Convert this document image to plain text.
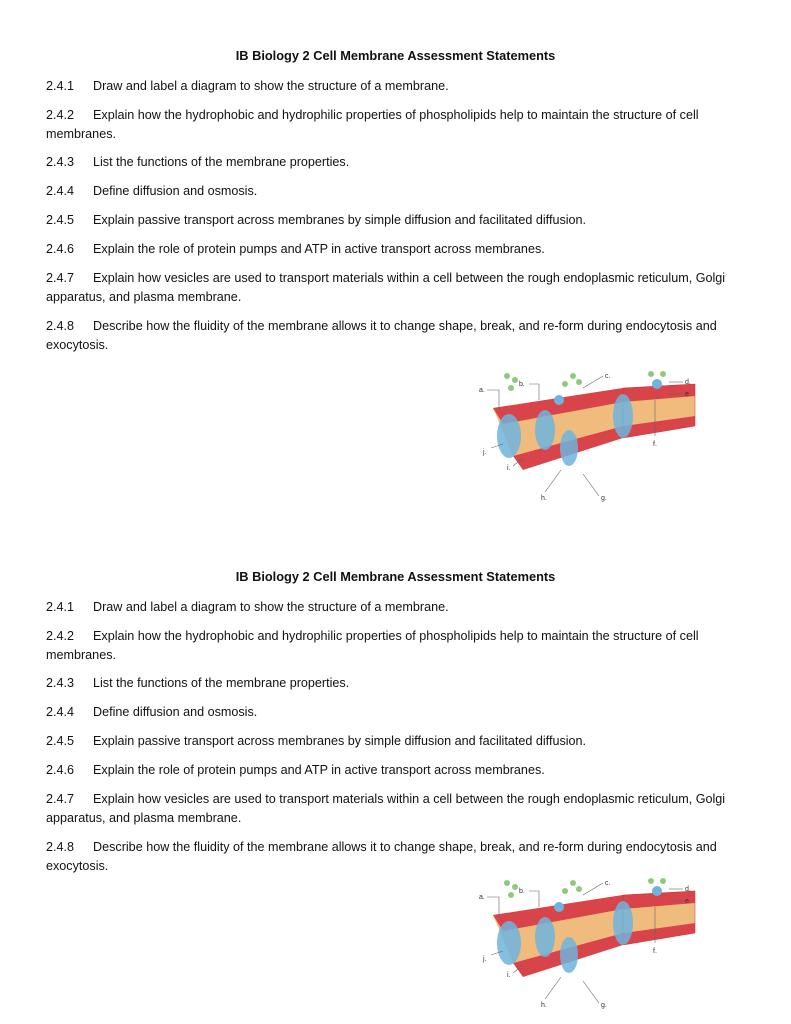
IB Biology 2 Cell Membrane Assessment Statements
2.4.1 Draw and label a diagram to show the structure of a membrane.
2.4.2 Explain how the hydrophobic and hydrophilic properties of phospholipids help to maintain the structure of cell membranes.
2.4.3 List the functions of the membrane properties.
2.4.4 Define diffusion and osmosis.
2.4.5 Explain passive transport across membranes by simple diffusion and facilitated diffusion.
2.4.6 Explain the role of protein pumps and ATP in active transport across membranes.
2.4.7 Explain how vesicles are used to transport materials within a cell between the rough endoplasmic reticulum, Golgi apparatus, and plasma membrane.
2.4.8 Describe how the fluidity of the membrane allows it to change shape, break, and re-form during endocytosis and exocytosis.
a.
b.
c.
d.
e.
f.
g.
h.
i.
j.
IB Biology 2 Cell Membrane Assessment Statements
2.4.1 Draw and label a diagram to show the structure of a membrane.
2.4.2 Explain how the hydrophobic and hydrophilic properties of phospholipids help to maintain the structure of cell membranes.
2.4.3 List the functions of the membrane properties.
2.4.4 Define diffusion and osmosis.
2.4.5 Explain passive transport across membranes by simple diffusion and facilitated diffusion.
2.4.6 Explain the role of protein pumps and ATP in active transport across membranes.
2.4.7 Explain how vesicles are used to transport materials within a cell between the rough endoplasmic reticulum, Golgi apparatus, and plasma membrane.
2.4.8 Describe how the fluidity of the membrane allows it to change shape, break, and re-form during endocytosis and exocytosis.
a.
b.
c.
d.
e.
f.
g.
h.
i.
j.
